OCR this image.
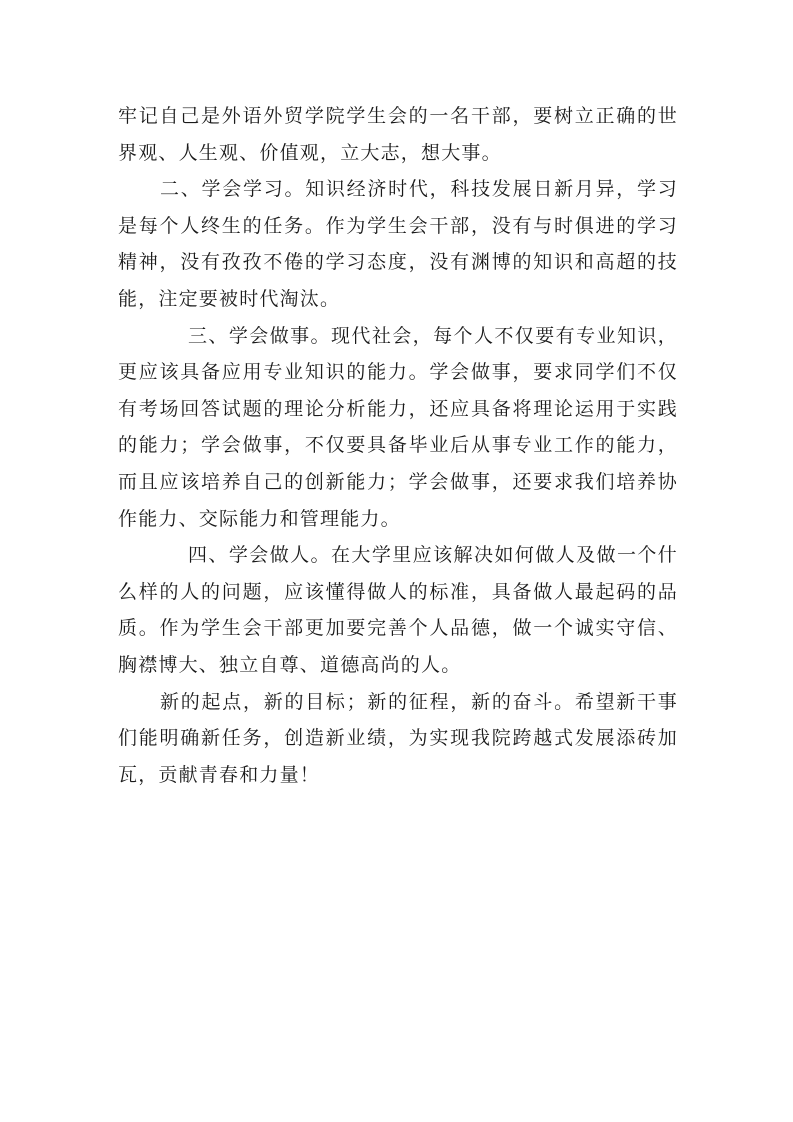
牢记自己是外语外贸学院学生会的一名干部，要树立正确的世界观、人生观、价值观，立大志，想大事。

二、学会学习。知识经济时代，科技发展日新月异，学习是每个人终生的任务。作为学生会干部，没有与时俱进的学习精神，没有孜孜不倦的学习态度，没有渊博的知识和高超的技能，注定要被时代淘汰。

三、学会做事。现代社会，每个人不仅要有专业知识，更应该具备应用专业知识的能力。学会做事，要求同学们不仅有考场回答试题的理论分析能力，还应具备将理论运用于实践的能力；学会做事，不仅要具备毕业后从事专业工作的能力，而且应该培养自己的创新能力；学会做事，还要求我们培养协作能力、交际能力和管理能力。

四、学会做人。在大学里应该解决如何做人及做一个什么样的人的问题，应该懂得做人的标准，具备做人最起码的品质。作为学生会干部更加要完善个人品德，做一个诚实守信、胸襟博大、独立自尊、道德高尚的人。

新的起点，新的目标；新的征程，新的奋斗。希望新干事们能明确新任务，创造新业绩，为实现我院跨越式发展添砖加瓦，贡献青春和力量！
